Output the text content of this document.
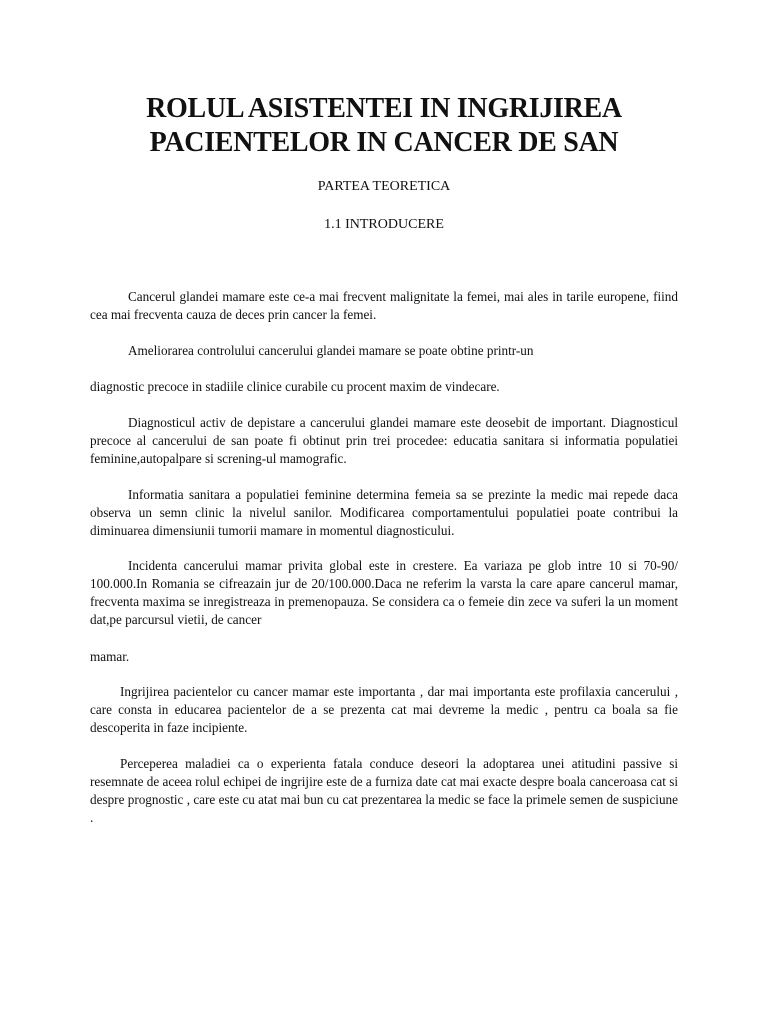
ROLUL ASISTENTEI IN INGRIJIREA
PACIENTELOR IN CANCER DE SAN

PARTEA TEORETICA

1.1 INTRODUCERE

Cancerul glandei mamare este ce-a mai frecvent malignitate la femei, mai ales in tarile europene, fiind cea mai frecventa cauza de deces prin cancer la femei.

Ameliorarea controlului cancerului glandei mamare se poate obtine printr-un

diagnostic precoce in stadiile clinice curabile cu procent maxim de vindecare.

Diagnosticul activ de depistare a cancerului glandei mamare este deosebit de important. Diagnosticul precoce al cancerului de san poate fi obtinut prin trei procedee: educatia sanitara si informatia populatiei feminine,autopalpare si screning-ul mamografic.

Informatia sanitara a populatiei feminine determina femeia sa se prezinte la medic mai repede daca observa un semn clinic la nivelul sanilor. Modificarea comportamentului populatiei poate contribui la diminuarea dimensiunii tumorii mamare in momentul diagnosticului.

Incidenta cancerului mamar privita global este in crestere. Ea variaza pe glob intre 10 si 70-90/ 100.000.In Romania se cifreazain jur de 20/100.000.Daca ne referim la varsta la care apare cancerul mamar, frecventa maxima se inregistreaza in premenopauza. Se considera ca o femeie din zece va suferi la un moment dat,pe parcursul vietii, de cancer

mamar.

Ingrijirea pacientelor cu cancer mamar este importanta , dar mai importanta este profilaxia cancerului , care consta in educarea pacientelor de a se prezenta cat mai devreme la medic , pentru ca boala sa fie descoperita in faze incipiente.

Perceperea maladiei ca o experienta fatala conduce deseori la adoptarea unei atitudini passive si resemnate de aceea rolul echipei de ingrijire este de a furniza date cat mai exacte despre boala canceroasa cat si despre prognostic , care este cu atat mai bun cu cat prezentarea la medic se face la primele semen de suspiciune .
